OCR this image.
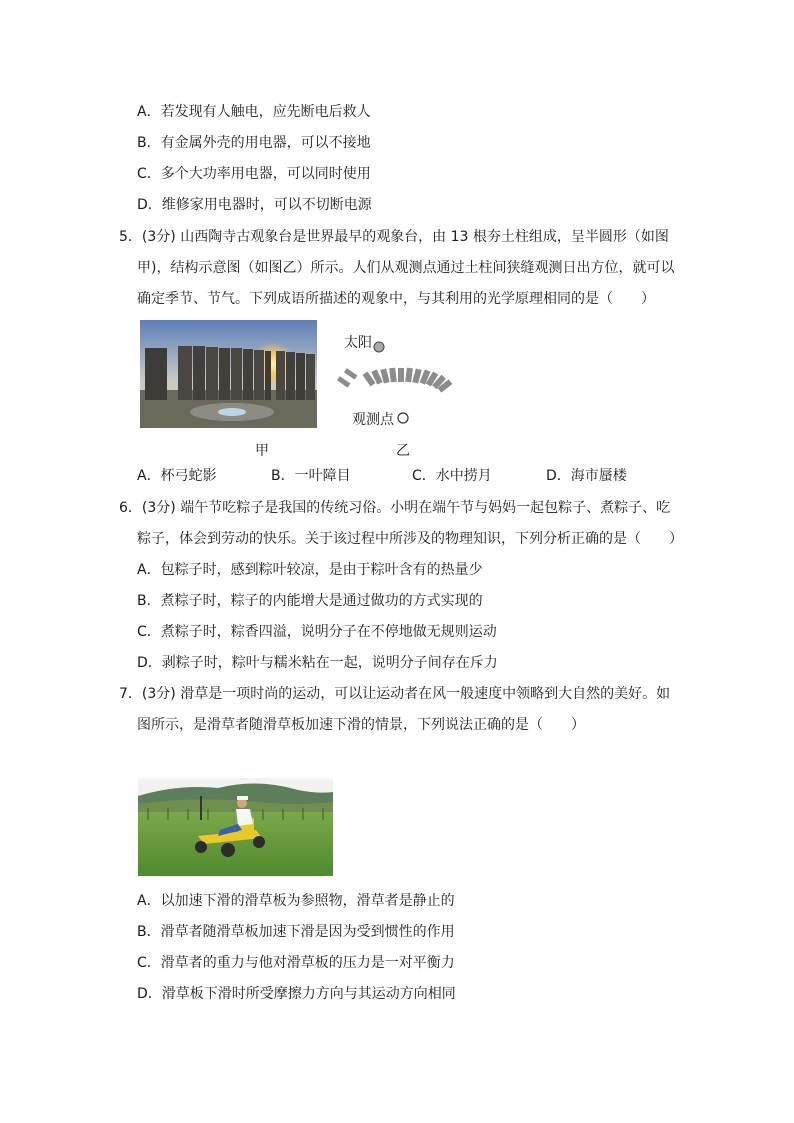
A．若发现有人触电，应先断电后救人
B．有金属外壳的用电器，可以不接地
C．多个大功率用电器，可以同时使用
D．维修家用电器时，可以不切断电源
5．(3分) 山西陶寺古观象台是世界最早的观象台，由 13 根夯土柱组成，呈半圆形（如图
甲)，结构示意图（如图乙）所示。人们从观测点通过土柱间狭缝观测日出方位，就可以
确定季节、节气。下列成语所描述的观象中，与其利用的光学原理相同的是（　　）
甲
太阳
观测点
乙
A．杯弓蛇影	B．一叶障目	C．水中捞月	D．海市蜃楼
6．(3分) 端午节吃粽子是我国的传统习俗。小明在端午节与妈妈一起包粽子、煮粽子、吃
粽子，体会到劳动的快乐。关于该过程中所涉及的物理知识，下列分析正确的是（　　）
A．包粽子时，感到粽叶较凉，是由于粽叶含有的热量少
B．煮粽子时，粽子的内能增大是通过做功的方式实现的
C．煮粽子时，粽香四溢，说明分子在不停地做无规则运动
D．剥粽子时，粽叶与糯米粘在一起，说明分子间存在斥力
7．(3分) 滑草是一项时尚的运动，可以让运动者在风一般速度中领略到大自然的美好。如
图所示，是滑草者随滑草板加速下滑的情景，下列说法正确的是（　　）
A．以加速下滑的滑草板为参照物，滑草者是静止的
B．滑草者随滑草板加速下滑是因为受到惯性的作用
C．滑草者的重力与他对滑草板的压力是一对平衡力
D．滑草板下滑时所受摩擦力方向与其运动方向相同
